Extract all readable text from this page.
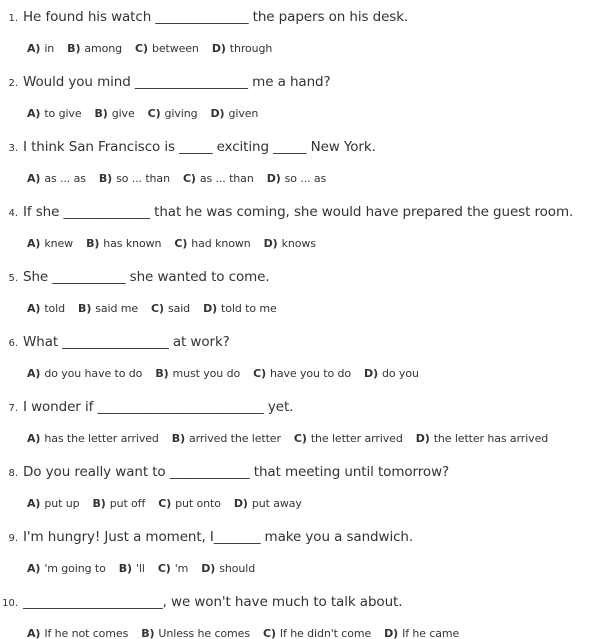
1. He found his watch ______________ the papers on his desk.
A) in B) among C) between D) through
2. Would you mind _________________ me a hand?
A) to give B) give C) giving D) given
3. I think San Francisco is _____ exciting _____ New York.
A) as ... as B) so ... than C) as ... than D) so ... as
4. If she _____________ that he was coming, she would have prepared the guest room.
A) knew B) has known C) had known D) knows
5. She ___________ she wanted to come.
A) told B) said me C) said D) told to me
6. What ________________ at work?
A) do you have to do B) must you do C) have you to do D) do you
7. I wonder if _________________________ yet.
A) has the letter arrived B) arrived the letter C) the letter arrived D) the letter has arrived
8. Do you really want to ____________ that meeting until tomorrow?
A) put up B) put off C) put onto D) put away
9. I'm hungry! Just a moment, I_______ make you a sandwich.
A) 'm going to B) 'll C) 'm D) should
10. _____________________, we won't have much to talk about.
A) If he not comes B) Unless he comes C) If he didn't come D) If he came
